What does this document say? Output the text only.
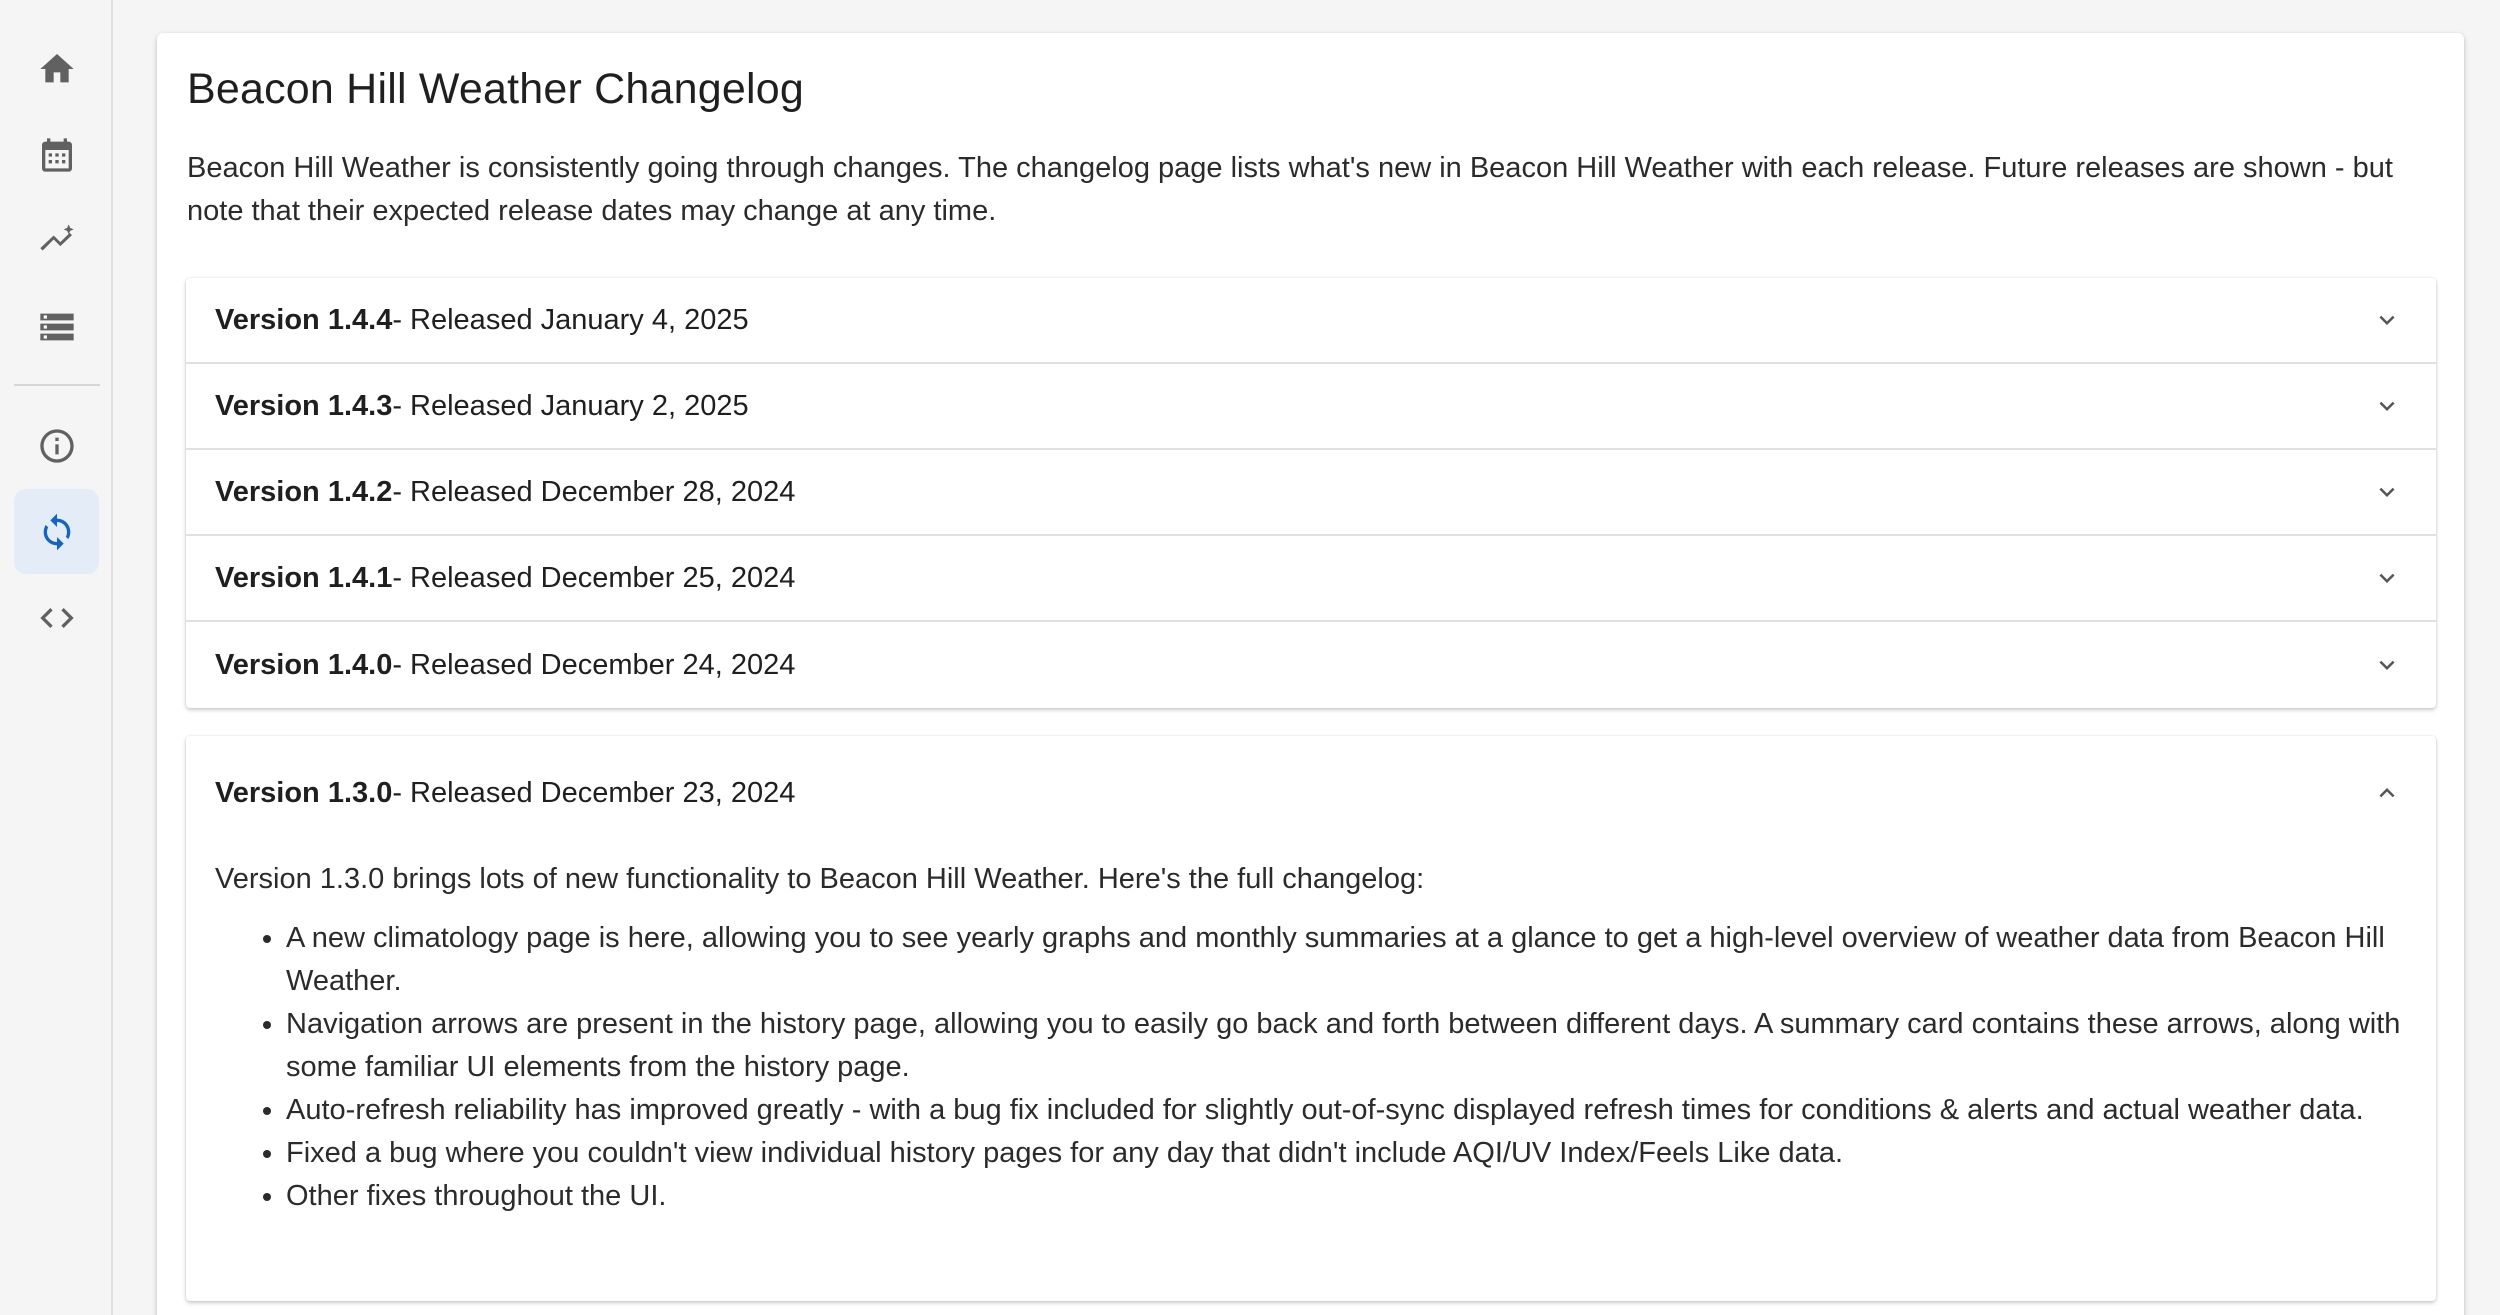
Beacon Hill Weather Changelog

Beacon Hill Weather is consistently going through changes. The changelog page lists what's new in Beacon Hill Weather with each release. Future releases are shown - but note that their expected release dates may change at any time.

Version 1.4.4 - Released January 4, 2025
Version 1.4.3 - Released January 2, 2025
Version 1.4.2 - Released December 28, 2024
Version 1.4.1 - Released December 25, 2024
Version 1.4.0 - Released December 24, 2024
Version 1.3.0 - Released December 23, 2024

Version 1.3.0 brings lots of new functionality to Beacon Hill Weather. Here's the full changelog:

• A new climatology page is here, allowing you to see yearly graphs and monthly summaries at a glance to get a high-level overview of weather data from Beacon Hill Weather.
• Navigation arrows are present in the history page, allowing you to easily go back and forth between different days. A summary card contains these arrows, along with some familiar UI elements from the history page.
• Auto-refresh reliability has improved greatly - with a bug fix included for slightly out-of-sync displayed refresh times for conditions & alerts and actual weather data.
• Fixed a bug where you couldn't view individual history pages for any day that didn't include AQI/UV Index/Feels Like data.
• Other fixes throughout the UI.
